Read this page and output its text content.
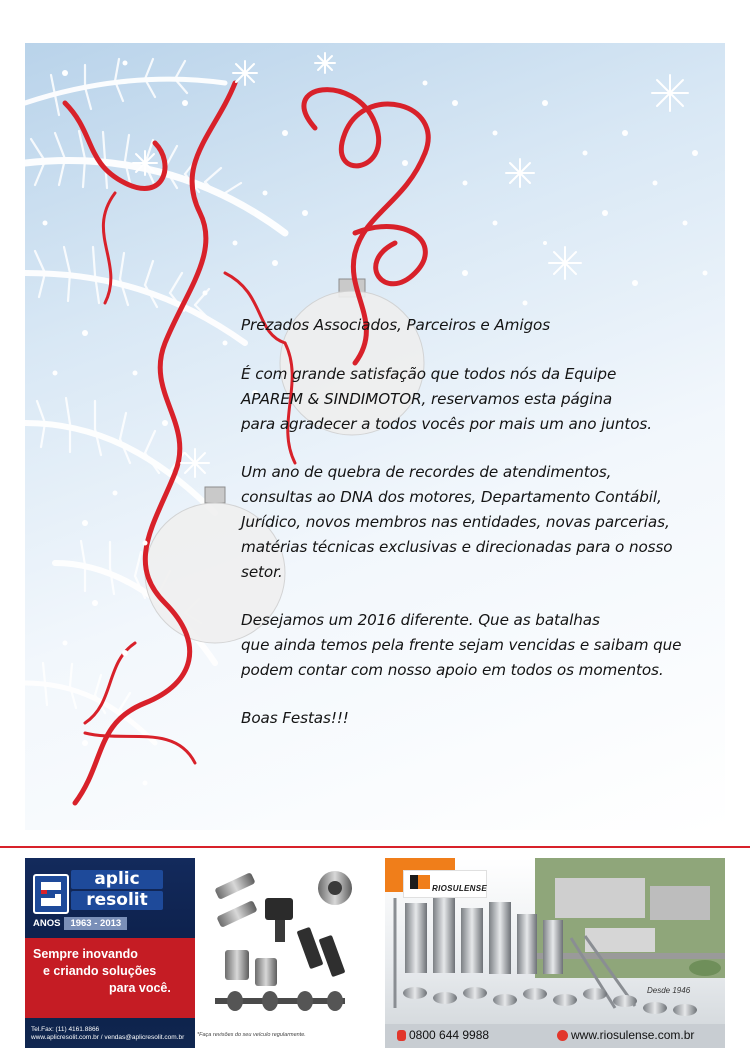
Prezados Associados, Parceiros e Amigos

É com grande satisfação que todos nós da Equipe
APAREM & SINDIMOTOR, reservamos esta página
para agradecer a todos vocês por mais um ano juntos.

Um ano de quebra de recordes de atendimentos,
consultas ao DNA dos motores, Departamento Contábil,
Jurídico, novos membros nas entidades, novas parcerias,
matérias técnicas exclusivas e direcionadas para o nosso
setor.

Desejamos um 2016 diferente. Que as batalhas
que ainda temos pela frente sejam vencidas e saibam que
podem contar com nosso apoio em todos os momentos.

Boas Festas!!!

aplic
resolit
ANOS 1963 - 2013
Sempre inovando
e criando soluções
para você.
Tel.Fax: (11) 4161.8866
www.aplicresolit.com.br / vendas@aplicresolit.com.br *Faça revisões do seu veículo regularmente.
RIOSULENSE
Desde 1946
0800 644 9988	www.riosulense.com.br
